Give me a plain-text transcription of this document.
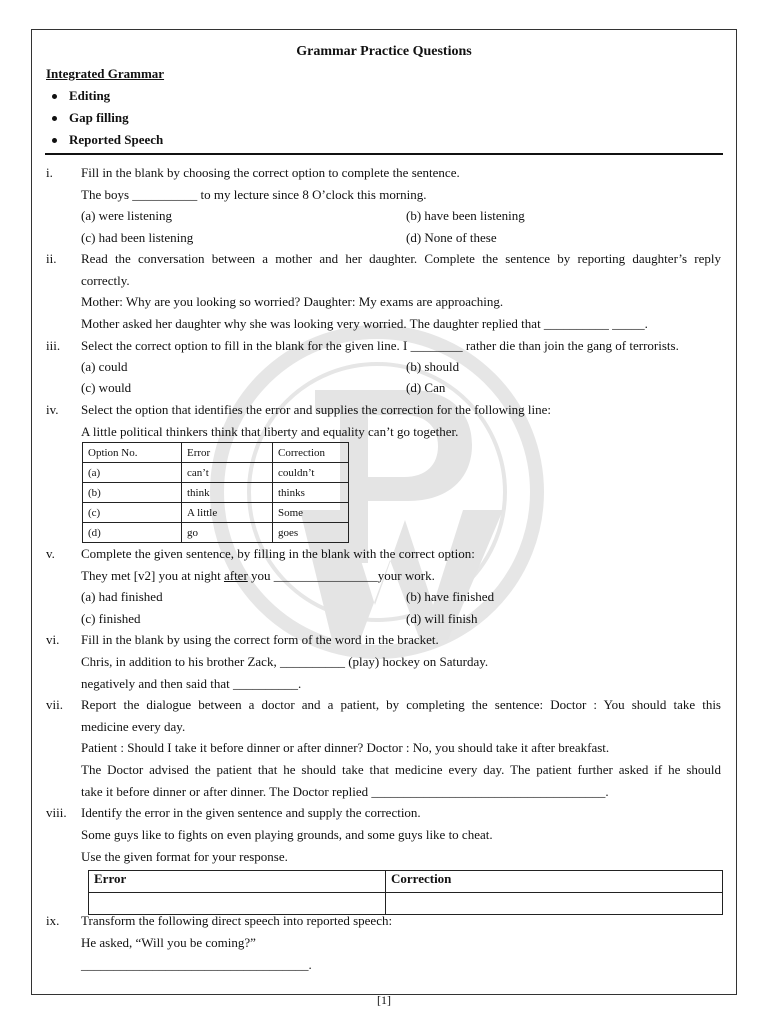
Grammar Practice Questions
Integrated Grammar
Editing
Gap filling
Reported Speech
i. Fill in the blank by choosing the correct option to complete the sentence.
The boys __________ to my lecture since 8 O’clock this morning.
(a) were listening	(b) have been listening
(c) had been listening	(d) None of these
ii. Read the conversation between a mother and her daughter. Complete the sentence by reporting daughter’s reply
correctly.
Mother: Why are you looking so worried? Daughter: My exams are approaching.
Mother asked her daughter why she was looking very worried. The daughter replied that __________ _____.
iii. Select the correct option to fill in the blank for the given line. I ________ rather die than join the gang of terrorists.
(a) could	(b) should
(c) would	(d) Can
iv. Select the option that identifies the error and supplies the correction for the following line:
A little political thinkers think that liberty and equality can’t go together.
Option No.	Error	Correction
(a)	can’t	couldn’t
(b)	think	thinks
(c)	A little	Some
(d)	go	goes
v. Complete the given sentence, by filling in the blank with the correct option:
They met [v2] you at night after you ________________your work.
(a) had finished	(b) have finished
(c) finished	(d) will finish
vi. Fill in the blank by using the correct form of the word in the bracket.
Chris, in addition to his brother Zack, __________ (play) hockey on Saturday.
negatively and then said that __________.
vii. Report the dialogue between a doctor and a patient, by completing the sentence: Doctor : You should take this
medicine every day.
Patient : Should I take it before dinner or after dinner? Doctor : No, you should take it after breakfast.
The Doctor advised the patient that he should take that medicine every day. The patient further asked if he should
take it before dinner or after dinner. The Doctor replied ____________________________________.
viii. Identify the error in the given sentence and supply the correction.
Some guys like to fights on even playing grounds, and some guys like to cheat.
Use the given format for your response.
Error	Correction

ix. Transform the following direct speech into reported speech:
He asked, “Will you be coming?”
___________________________________.
[1]
